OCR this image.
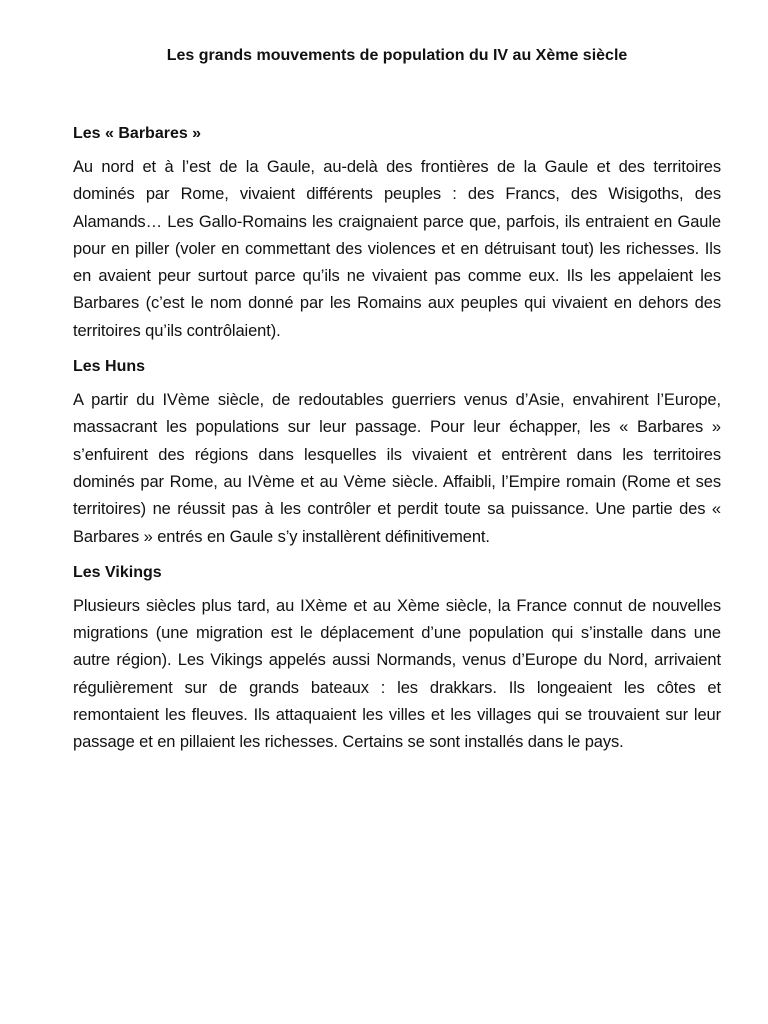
Les grands mouvements de population du IV au Xème siècle
Les « Barbares »

Au nord et à l’est de la Gaule, au-delà des frontières de la Gaule et des territoires dominés par Rome, vivaient différents peuples : des Francs, des Wisigoths, des Alamands… Les Gallo-Romains les craignaient parce que, parfois, ils entraient en Gaule pour en piller (voler en commettant des violences et en détruisant tout) les richesses. Ils en avaient peur surtout parce qu’ils ne vivaient pas comme eux. Ils les appelaient les Barbares (c’est le nom donné par les Romains aux peuples qui vivaient en dehors des territoires qu’ils contrôlaient).

Les Huns

A partir du IVème siècle, de redoutables guerriers venus d’Asie, envahirent l’Europe, massacrant les populations sur leur passage. Pour leur échapper, les « Barbares » s’enfuirent des régions dans lesquelles ils vivaient et entrèrent dans les territoires dominés par Rome, au IVème et au Vème siècle. Affaibli, l’Empire romain (Rome et ses territoires) ne réussit pas à les contrôler et perdit toute sa puissance. Une partie des « Barbares » entrés en Gaule s’y installèrent définitivement.

Les Vikings

Plusieurs siècles plus tard, au IXème et au Xème siècle, la France connut de nouvelles migrations (une migration est le déplacement d’une population qui s’installe dans une autre région). Les Vikings appelés aussi Normands, venus d’Europe du Nord, arrivaient régulièrement sur de grands bateaux : les drakkars. Ils longeaient les côtes et remontaient les fleuves. Ils attaquaient les villes et les villages qui se trouvaient sur leur passage et en pillaient les richesses. Certains se sont installés dans le pays.
